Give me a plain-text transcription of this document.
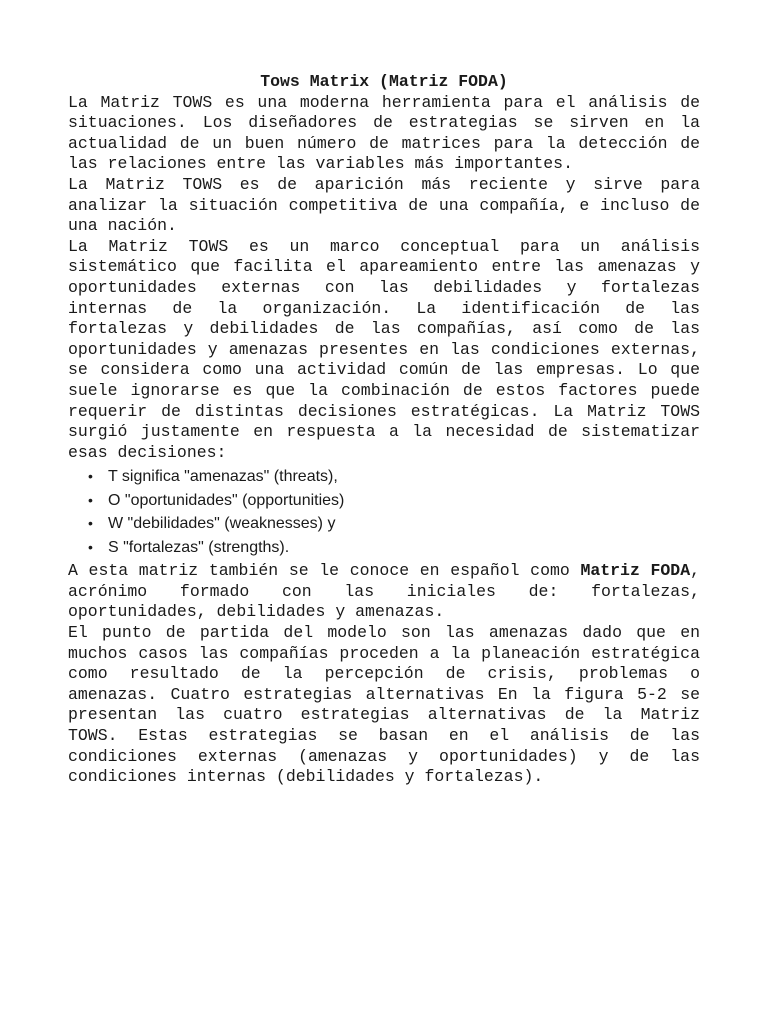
Tows Matrix (Matriz FODA)

La Matriz TOWS es una moderna herramienta para el análisis de situaciones. Los diseñadores de estrategias se sirven en la actualidad de un buen número de matrices para la detección de las relaciones entre las variables más importantes.

La Matriz TOWS es de aparición más reciente y sirve para analizar la situación competitiva de una compañía, e incluso de una nación.

La Matriz TOWS es un marco conceptual para un análisis sistemático que facilita el apareamiento entre las amenazas y oportunidades externas con las debilidades y fortalezas internas de la organización. La identificación de las fortalezas y debilidades de las compañías, así como de las oportunidades y amenazas presentes en las condiciones externas, se considera como una actividad común de las empresas. Lo que suele ignorarse es que la combinación de estos factores puede requerir de distintas decisiones estratégicas. La Matriz TOWS surgió justamente en respuesta a la necesidad de sistematizar esas decisiones:

• T significa "amenazas" (threats),
• O "oportunidades" (opportunities)
• W "debilidades" (weaknesses) y
• S "fortalezas" (strengths).

A esta matriz también se le conoce en español como Matriz FODA, acrónimo formado con las iniciales de: fortalezas, oportunidades, debilidades y amenazas.

El punto de partida del modelo son las amenazas dado que en muchos casos las compañías proceden a la planeación estratégica como resultado de la percepción de crisis, problemas o amenazas. Cuatro estrategias alternativas En la figura 5-2 se presentan las cuatro estrategias alternativas de la Matriz TOWS. Estas estrategias se basan en el análisis de las condiciones externas (amenazas y oportunidades) y de las condiciones internas (debilidades y fortalezas).
